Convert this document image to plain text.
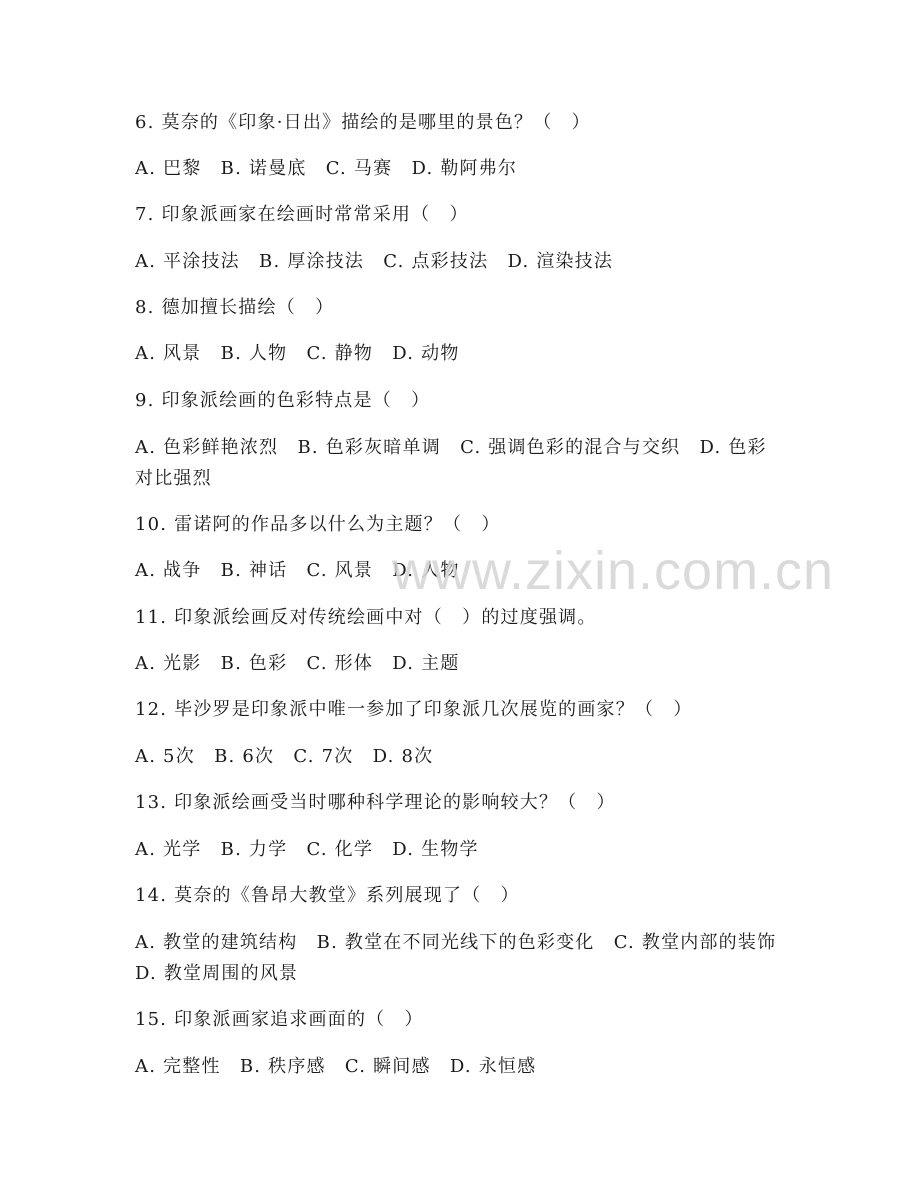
6. 莫奈的《印象·日出》描绘的是哪里的景色？（　）
A. 巴黎　B. 诺曼底　C. 马赛　D. 勒阿弗尔
7. 印象派画家在绘画时常常采用（　）
A. 平涂技法　B. 厚涂技法　C. 点彩技法　D. 渲染技法
8. 德加擅长描绘（　）
A. 风景　B. 人物　C. 静物　D. 动物
9. 印象派绘画的色彩特点是（　）
A. 色彩鲜艳浓烈　B. 色彩灰暗单调　C. 强调色彩的混合与交织　D. 色彩对比强烈
10. 雷诺阿的作品多以什么为主题？（　）
A. 战争　B. 神话　C. 风景　D. 人物
11. 印象派绘画反对传统绘画中对（　）的过度强调。
A. 光影　B. 色彩　C. 形体　D. 主题
12. 毕沙罗是印象派中唯一参加了印象派几次展览的画家？（　）
A. 5次　B. 6次　C. 7次　D. 8次
13. 印象派绘画受当时哪种科学理论的影响较大？（　）
A. 光学　B. 力学　C. 化学　D. 生物学
14. 莫奈的《鲁昂大教堂》系列展现了（　）
A. 教堂的建筑结构　B. 教堂在不同光线下的色彩变化　C. 教堂内部的装饰　D. 教堂周围的风景
15. 印象派画家追求画面的（　）
A. 完整性　B. 秩序感　C. 瞬间感　D. 永恒感
www.zixin.com.cn
